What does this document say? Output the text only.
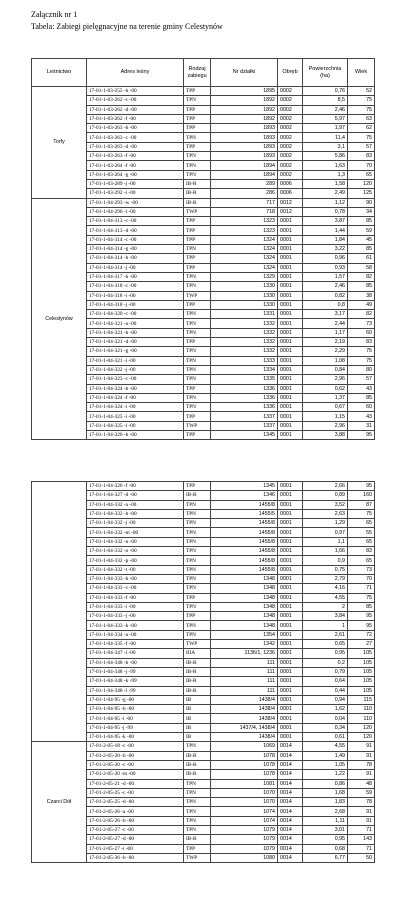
Załącznik nr 1
Tabela: Zabiegi pielęgnacyjne na terenie gminy Celestynów
Leśnictwo	Adres leśny	Rodzaj zabiegu	Nr działki	Obręb	Powierzchnia (ha)	Wiek
Torfy	17-01-1-03-255 -h -00	TPP	1895	0002	0,76	52
	17-01-1-03-262 -c -00	TPN	1892	0002	8,5	75
	17-01-1-03-262 -d -00	TPP	1892	0002	2,46	75
	17-01-1-03-262 -f -00	TPP	1892	0002	5,97	63
	17-01-1-03-263 -b -00	TPP	1893	0002	1,97	62
	17-01-1-03-263 -c -00	TPN	1893	0002	11,4	75
	17-01-1-03-263 -d -00	TPP	1893	0002	3,1	57
	17-01-1-03-263 -f -00	TPN	1893	0002	5,86	83
	17-01-1-03-264 -f -00	TPN	1894	0002	1,63	70
	17-01-1-03-264 -g -00	TPN	1894	0002	1,3	65
	17-01-1-03-289 -j -00	IB-R	289	0006	1,58	120
	17-01-1-03-292 -i -00	IB-R	286	0006	2,49	125
Celestynów	17-01-1-04-293 -w -00	IB-R	717	0012	1,12	90
	17-01-1-04-296 -l -00	TWP	718	0012	0,78	34
	17-01-1-04-313 -c -00	TPP	1323	0001	3,87	85
	17-01-1-04-313 -d -00	TPP	1323	0001	1,44	59
	17-01-1-04-314 -c -00	TPP	1324	0001	1,84	45
	17-01-1-04-314 -g -00	TPN	1324	0001	3,22	85
	17-01-1-04-314 -h -00	TPP	1324	0001	0,96	61
	17-01-1-04-314 -j -00	TPP	1324	0001	0,93	58
	17-01-1-04-317 -h -00	TPN	1329	0001	1,57	82
	17-01-1-04-318 -c -00	TPN	1330	0001	2,46	85
	17-01-1-04-318 -i -00	TWP	1330	0001	0,82	38
	17-01-1-04-318 -j -00	TPP	1330	0001	0,8	49
	17-01-1-04-320 -c -00	TPN	1331	0001	3,17	82
	17-01-1-04-321 -a -00	TPN	1332	0001	2,44	73
	17-01-1-04-321 -b -00	TPN	1332	0001	1,17	60
	17-01-1-04-321 -d -00	TPP	1332	0001	2,19	83
	17-01-1-04-321 -g -00	TPN	1332	0001	2,29	75
	17-01-1-04-321 -i -00	TPN	1333	0001	1,08	75
	17-01-1-04-322 -j -00	TPN	1334	0001	0,84	80
	17-01-1-04-323 -c -00	TPN	1335	0001	2,96	57
	17-01-1-04-324 -b -00	TPP	1336	0001	0,62	43
	17-01-1-04-324 -f -00	TPN	1336	0001	1,37	85
	17-01-1-04-324 -i -00	TPN	1336	0001	0,67	60
	17-01-1-04-325 -i -00	TPP	1337	0001	1,15	43
	17-01-1-04-325 -l -00	TWP	1337	0001	2,96	31
	17-01-1-04-326 -b -00	TPP	1345	0001	3,88	95
	17-01-1-04-326 -f -00	TPP	1345	0001	2,66	95
	17-01-1-04-327 -d -00	IB-R	1346	0001	0,89	160
	17-01-1-04-332 -a -00	TPN	1455/8	0001	3,52	87
	17-01-1-04-332 -b -00	TPN	1455/5	0001	2,63	75
	17-01-1-04-332 -j -00	TPN	1455/8	0001	1,29	65
	17-01-1-04-332 -m -00	TPN	1455/8	0001	0,97	55
	17-01-1-04-332 -n -00	TPN	1455/8	0001	1,1	65
	17-01-1-04-332 -o -00	TPN	1455/8	0001	1,66	83
	17-01-1-04-332 -p -00	TPN	1455/8	0001	0,9	65
	17-01-1-04-332 -t -00	TPN	1455/8	0001	0,75	73
	17-01-1-04-333 -b -00	TPN	1348	0001	2,79	70
	17-01-1-04-333 -c -00	TPN	1348	0001	4,16	71
	17-01-1-04-333 -f -00	TPP	1348	0001	4,55	75
	17-01-1-04-333 -i -00	TPN	1348	0001	2	85
	17-01-1-04-333 -j -00	TPP	1348	0001	3,84	95
	17-01-1-04-333 -k -00	TPN	1348	0001	1	95
	17-01-1-04-334 -a -00	TPN	1354	0001	2,61	72
	17-01-1-04-335 -f -00	TWP	1342	0001	0,65	27
	17-01-1-04-347 -i -00	IIIA	1136/1, 1236	0001	0,95	105
	17-01-1-04-348 -b -00	IB-R	111	0001	0,2	105
	17-01-1-04-348 -j -99	IB-R	111	0001	0,79	105
	17-01-1-04-348 -k -99	IB-R	111	0001	0,64	105
	17-01-1-04-348 -l -99	IB-R	111	0001	0,44	105
	17-01-1-04-95 -g -00	IB	1438/4	0001	0,94	115
	17-01-1-04-95 -h -00	IB	1438/4	0001	1,62	110
	17-01-1-04-95 -i -00	IB	1438/4	0001	0,04	110
	17-01-1-04-95 -j -99	IB	1437/4, 1438/4	0001	0,34	120
	17-01-1-04-95 -k -00	IB	1438/4	0001	0,61	120
Czarci Dół	17-01-2-05-18 -c -00	TPN	1069	0014	4,55	91
	17-01-2-05-20 -b -00	IB-R	1078	0014	1,49	91
	17-01-2-05-20 -c -00	IB-R	1078	0014	1,05	78
	17-01-2-05-20 -m -00	IB-R	1078	0014	1,22	91
	17-01-2-05-21 -d -00	TPN	1081	0014	0,86	48
	17-01-2-05-25 -c -00	TPN	1070	0014	1,68	59
	17-01-2-05-25 -d -00	TPN	1070	0014	1,83	78
	17-01-2-05-26 -a -00	TPN	1074	0014	2,68	91
	17-01-2-05-26 -b -00	TPN	1074	0014	1,11	91
	17-01-2-05-27 -c -00	TPN	1079	0014	3,01	71
	17-01-2-05-27 -d -00	IB-R	1079	0014	0,95	143
	17-01-2-05-27 -i -00	TPP	1079	0014	0,68	71
	17-01-2-05-36 -b -00	TWP	1080	0014	6,77	50
